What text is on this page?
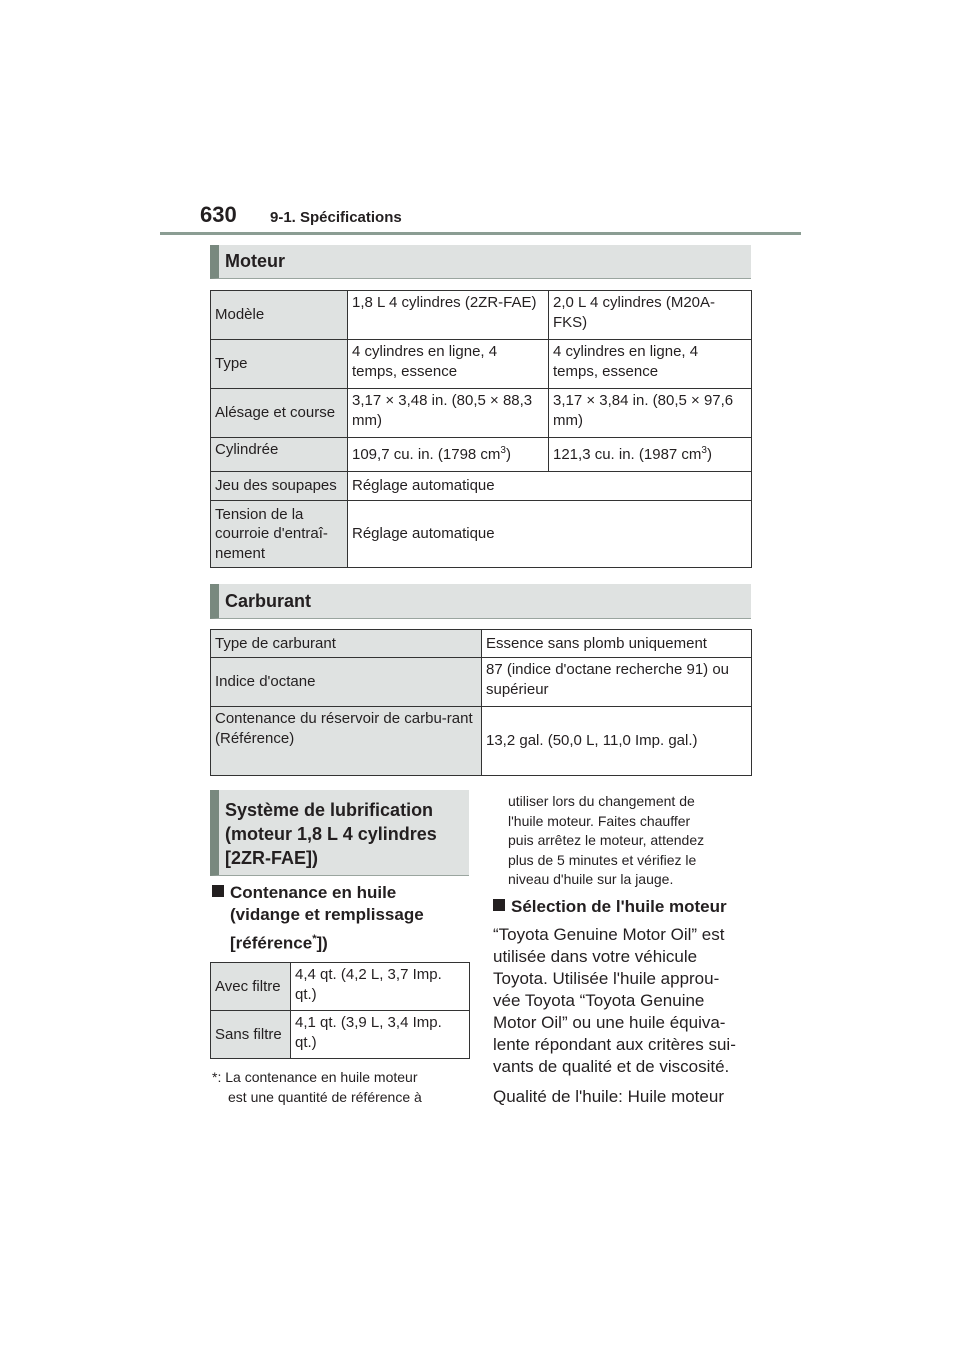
630 9-1. Spécifications
Moteur
Modèle	1,8 L 4 cylindres (2ZR-FAE)	2,0 L 4 cylindres (M20A-FKS)
Type	4 cylindres en ligne, 4 temps, essence	4 cylindres en ligne, 4 temps, essence
Alésage et course	3,17 × 3,48 in. (80,5 × 88,3 mm)	3,17 × 3,84 in. (80,5 × 97,6 mm)
Cylindrée	109,7 cu. in. (1798 $cm^3$)	121,3 cu. in. (1987 $cm^3$)
Jeu des soupapes	Réglage automatique	
Tension de la courroie d'entraî-nement	Réglage automatique	
Carburant
Type de carburant	Essence sans plomb uniquement
Indice d'octane	87 (indice d'octane recherche 91) ou supérieur
Contenance du réservoir de carbu-rant (Référence)	13,2 gal. (50,0 L, 11,0 Imp. gal.)
Système de lubrification
(moteur 1,8 L 4 cylindres
[2ZR-FAE])
Contenance en huile
(vidange et remplissage
[référence*])
Avec filtre	4,4 qt. (4,2 L, 3,7 Imp. qt.)
Sans filtre	4,1 qt. (3,9 L, 3,4 Imp. qt.)
*: La contenance en huile moteur
est une quantité de référence à
utiliser lors du changement de
l'huile moteur. Faites chauffer
puis arrêtez le moteur, attendez
plus de 5 minutes et vérifiez le
niveau d'huile sur la jauge.
Sélection de l'huile moteur
“Toyota Genuine Motor Oil” est
utilisée dans votre véhicule
Toyota. Utilisée l'huile approu-
vée Toyota “Toyota Genuine
Motor Oil” ou une huile équiva-
lente répondant aux critères sui-
vants de qualité et de viscosité.
Qualité de l'huile: Huile moteur
